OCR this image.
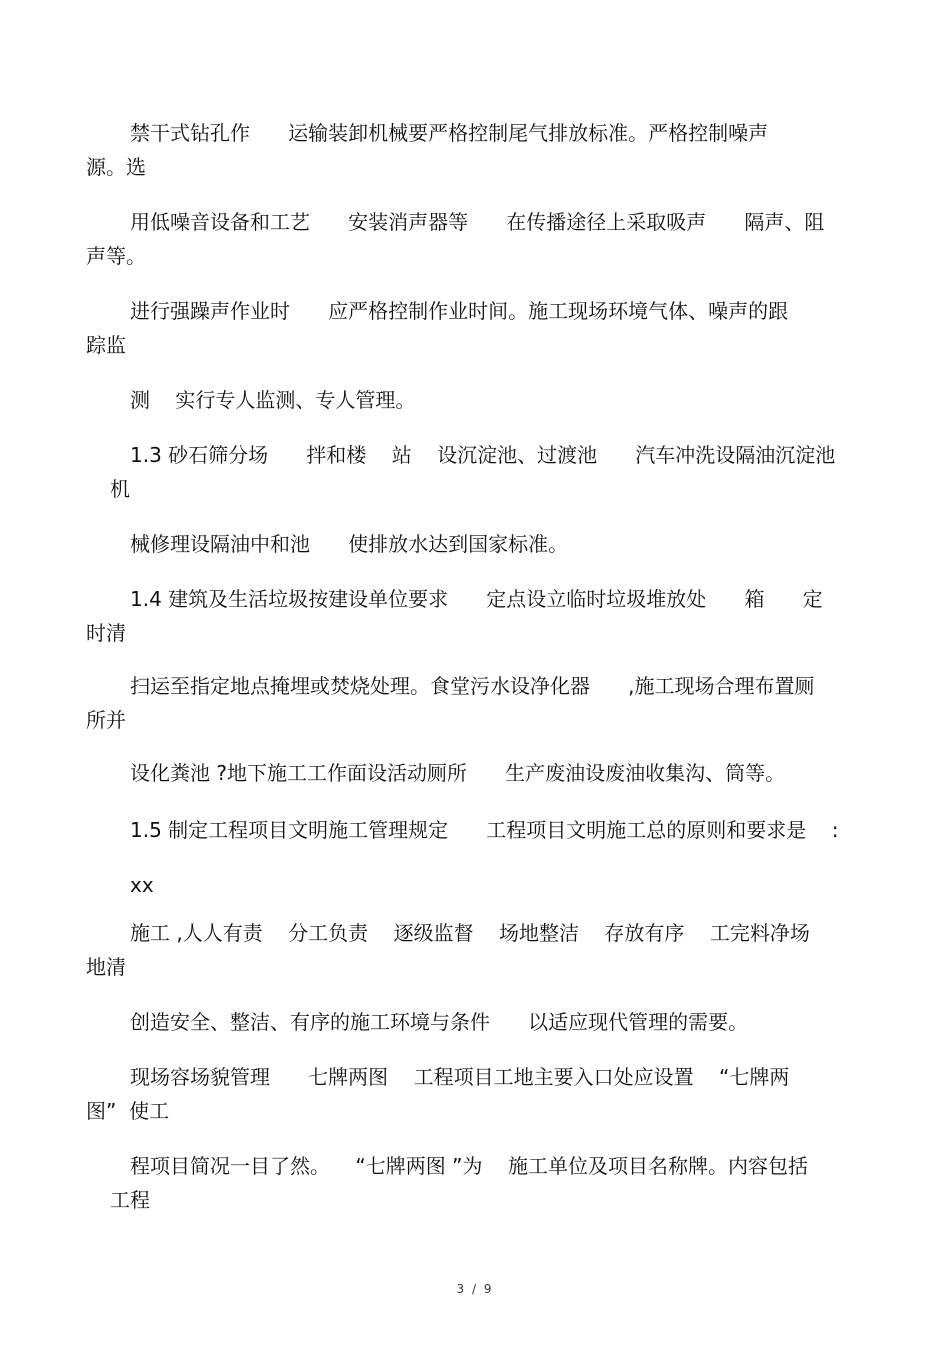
禁干式钻孔作      运输装卸机械要严格控制尾气排放标准。严格控制噪声
源。选
用低噪音设备和工艺      安装消声器等      在传播途径上采取吸声      隔声、阻
声等。
进行强躁声作业时      应严格控制作业时间。施工现场环境气体、噪声的跟
踪监
测    实行专人监测、专人管理。
1.3 砂石筛分场      拌和楼    站    设沉淀池、过渡池      汽车冲洗设隔油沉淀池
机
械修理设隔油中和池      使排放水达到国家标准。
1.4 建筑及生活垃圾按建设单位要求      定点设立临时垃圾堆放处      箱      定
时清
扫运至指定地点掩埋或焚烧处理。食堂污水设净化器      ,施工现场合理布置厕
所并
设化粪池 ?地下施工工作面设活动厕所      生产废油设废油收集沟、筒等。
1.5 制定工程项目文明施工管理规定      工程项目文明施工总的原则和要求是    :
xx
施工 ,人人有责    分工负责    逐级监督    场地整洁    存放有序    工完料净场
地清
创造安全、整洁、有序的施工环境与条件      以适应现代管理的需要。
现场容场貌管理      七牌两图    工程项目工地主要入口处应设置    “七牌两
图”  使工
程项目简况一目了然。    “七牌两图 ”为    施工单位及项目名称牌。内容包括
工程
3 / 9
